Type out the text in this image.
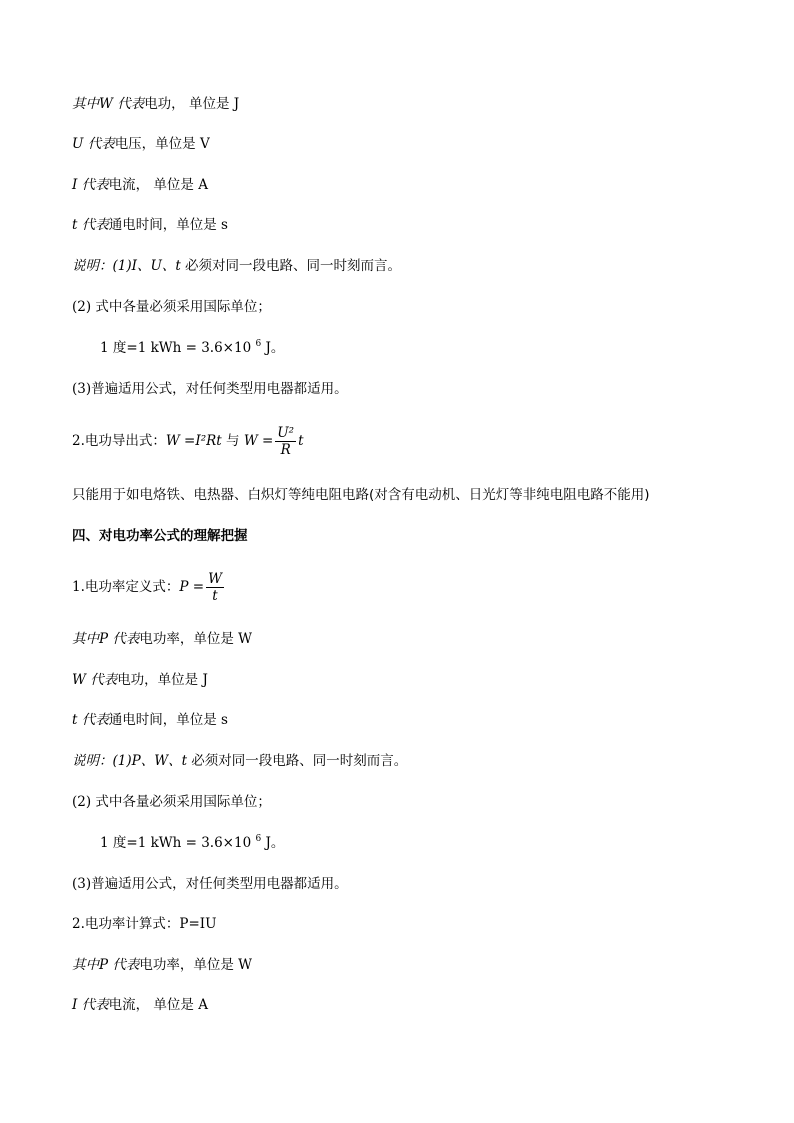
其中W 代表电功， 单位是 J
U 代表电压，单位是 V
I 代表电流， 单位是 A
t 代表通电时间，单位是 s
说明：(1)I、U、t 必须对同一段电路、同一时刻而言。
(2) 式中各量必须采用国际单位；
1 度=1 kWh = 3.6×10 $^6$ J。
(3)普遍适用公式，对任何类型用电器都适用。
2.电功导出式：W =I²Rt 与 $W = \frac{\text{U²}}{R}$ t
只能用于如电烙铁、电热器、白炽灯等纯电阻电路(对含有电动机、日光灯等非纯电阻电路不能用)
四、对电功率公式的理解把握
1.电功率定义式：$P = \frac{W}{t}$
其中P 代表电功率，单位是 W
W 代表电功，单位是 J
t 代表通电时间，单位是 s
说明：(1)P、W、t 必须对同一段电路、同一时刻而言。
(2) 式中各量必须采用国际单位；
1 度=1 kWh = 3.6×10 $^6$ J。
(3)普遍适用公式，对任何类型用电器都适用。
2.电功率计算式：P=IU
其中P 代表电功率，单位是 W
I 代表电流， 单位是 A
